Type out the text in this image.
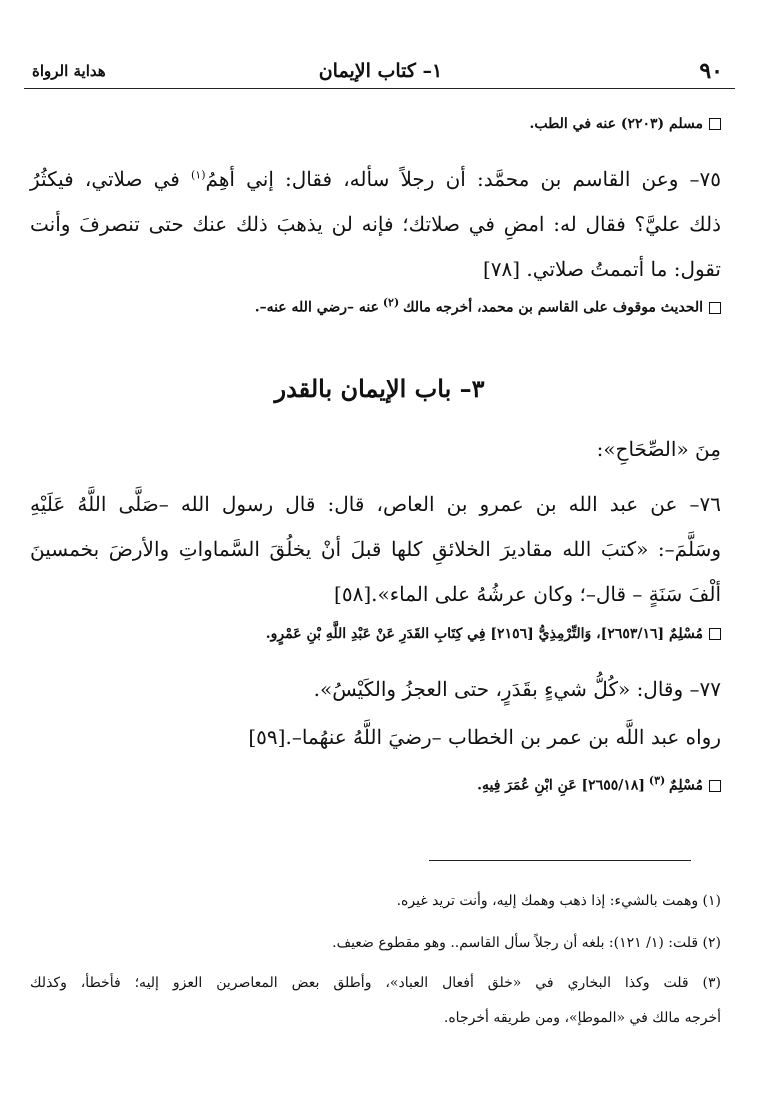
٩٠
١– كتاب الإيمان
هداية الرواة
مسلم (٢٢٠٣) عنه في الطب.
٧٥– وعن القاسم بن محمَّد: أن رجلاً سأله، فقال: إني أهِمُ$^{(١)}$ في صلاتي، فيكثُرُ
ذلك عليَّ؟ فقال له: امضِ في صلاتك؛ فإنه لن يذهبَ ذلك عنك حتى تنصرفَ وأنت
تقول: ما أتممتُ صلاتي. [٧٨]
الحديث موقوف على القاسم بن محمد، أخرجه مالك $^{(٢)}$ عنه –رضي الله عنه–.
٣– باب الإيمان بالقدر
مِنَ «الصِّحَاحِ»:
٧٦– عن عبد الله بن عمرو بن العاص، قال: قال رسول الله –صَلَّى اللَّهُ عَلَيْهِ
وسَلَّمَ–: «كتبَ الله مقاديرَ الخلائقِ كلها قبلَ أنْ يخلُقَ السَّماواتِ والأرضَ بخمسينَ
ألْفَ سَنَةٍ – قال–؛ وكان عرشُهُ على الماء».[٥٨]
مُسْلِمٌ [٢٦٥٣/١٦]، وَالتِّرْمِذِيُّ [٢١٥٦] فِي كِتَابِ القَدَرِ عَنْ عَبْدِ اللَّهِ بْنِ عَمْرٍو.
٧٧– وقال: «كُلُّ شيءٍ بقَدَرٍ، حتى العجزُ والكَيْسُ».
رواه عبد اللَّه بن عمر بن الخطاب –رضيَ اللَّهُ عنهُما–.[٥٩]
مُسْلِمٌ $^{(٣)}$ [٢٦٥٥/١٨] عَنِ ابْنِ عُمَرَ فِيهِ.
(١) وهمت بالشيء: إذا ذهب وهمك إليه، وأنت تريد غيره.
(٢) قلت: (١/ ١٢١): بلغه أن رجلاً سأل القاسم.. وهو مقطوع ضعيف.
(٣) قلت وكذا البخاري في «خلق أفعال العباد»، وأطلق بعض المعاصرين العزو إليه؛ فأخطأ، وكذلك
أخرجه مالك في «الموطإ»، ومن طريقه أخرجاه.
